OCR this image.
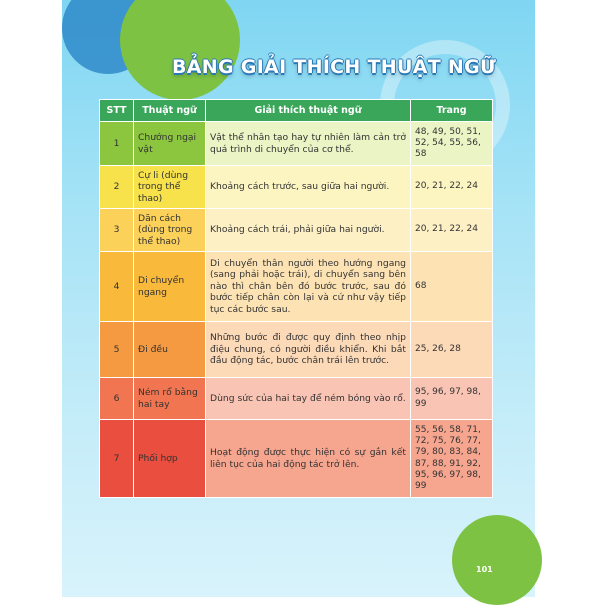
BẢNG GIẢI THÍCH THUẬT NGỮ
STT	Thuật ngữ	Giải thích thuật ngữ	Trang
1	Chướng ngại vật	Vật thể nhân tạo hay tự nhiên làm cản trở quá trình di chuyển của cơ thể.	48, 49, 50, 51, 52, 54, 55, 56, 58
2	Cự li (dùng trong thể thao)	Khoảng cách trước, sau giữa hai người.	20, 21, 22, 24
3	Dãn cách (dùng trong thể thao)	Khoảng cách trái, phải giữa hai người.	20, 21, 22, 24
4	Di chuyển ngang	Di chuyển thân người theo hướng ngang (sang phải hoặc trái), di chuyển sang bên nào thì chân bên đó bước trước, sau đó bước tiếp chân còn lại và cứ như vậy tiếp tục các bước sau.	68
5	Đi đều	Những bước đi được quy định theo nhịp điệu chung, có người điều khiển. Khi bắt đầu động tác, bước chân trái lên trước.	25, 26, 28
6	Ném rổ bằng hai tay	Dùng sức của hai tay để ném bóng vào rổ.	95, 96, 97, 98, 99
7	Phối hợp	Hoạt động được thực hiện có sự gắn kết liên tục của hai động tác trở lên.	55, 56, 58, 71, 72, 75, 76, 77, 79, 80, 83, 84, 87, 88, 91, 92, 95, 96, 97, 98, 99
101
